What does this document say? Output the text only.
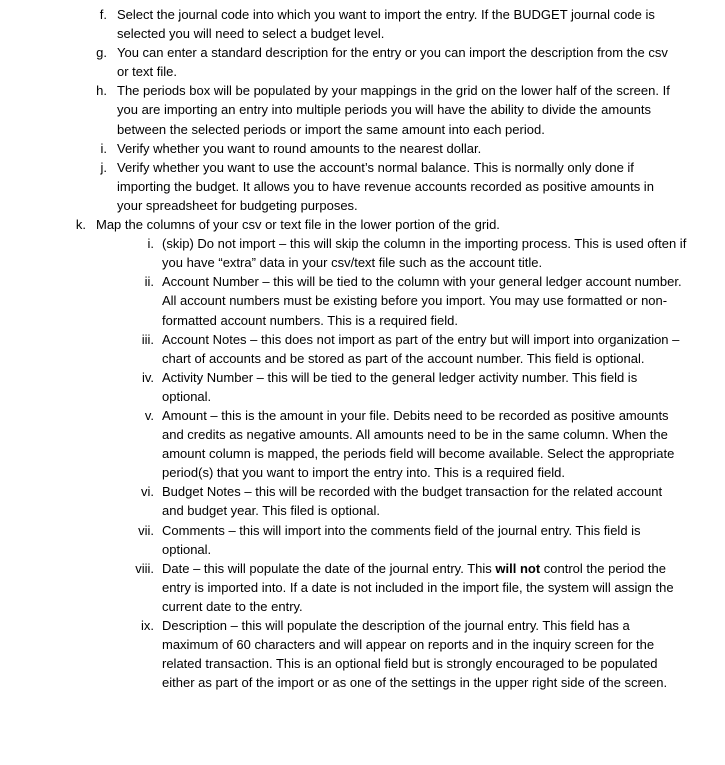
f. Select the journal code into which you want to import the entry. If the BUDGET journal code is selected you will need to select a budget level.
g. You can enter a standard description for the entry or you can import the description from the csv or text file.
h. The periods box will be populated by your mappings in the grid on the lower half of the screen. If you are importing an entry into multiple periods you will have the ability to divide the amounts between the selected periods or import the same amount into each period.
i. Verify whether you want to round amounts to the nearest dollar.
j. Verify whether you want to use the account’s normal balance. This is normally only done if importing the budget. It allows you to have revenue accounts recorded as positive amounts in your spreadsheet for budgeting purposes.
k. Map the columns of your csv or text file in the lower portion of the grid.
i. (skip) Do not import – this will skip the column in the importing process. This is used often if you have “extra” data in your csv/text file such as the account title.
ii. Account Number – this will be tied to the column with your general ledger account number. All account numbers must be existing before you import. You may use formatted or non-formatted account numbers. This is a required field.
iii. Account Notes – this does not import as part of the entry but will import into organization – chart of accounts and be stored as part of the account number. This field is optional.
iv. Activity Number – this will be tied to the general ledger activity number. This field is optional.
v. Amount – this is the amount in your file. Debits need to be recorded as positive amounts and credits as negative amounts. All amounts need to be in the same column. When the amount column is mapped, the periods field will become available. Select the appropriate period(s) that you want to import the entry into. This is a required field.
vi. Budget Notes – this will be recorded with the budget transaction for the related account and budget year. This filed is optional.
vii. Comments – this will import into the comments field of the journal entry. This field is optional.
viii. Date – this will populate the date of the journal entry. This will not control the period the entry is imported into. If a date is not included in the import file, the system will assign the current date to the entry.
ix. Description – this will populate the description of the journal entry. This field has a maximum of 60 characters and will appear on reports and in the inquiry screen for the related transaction. This is an optional field but is strongly encouraged to be populated either as part of the import or as one of the settings in the upper right side of the screen.
